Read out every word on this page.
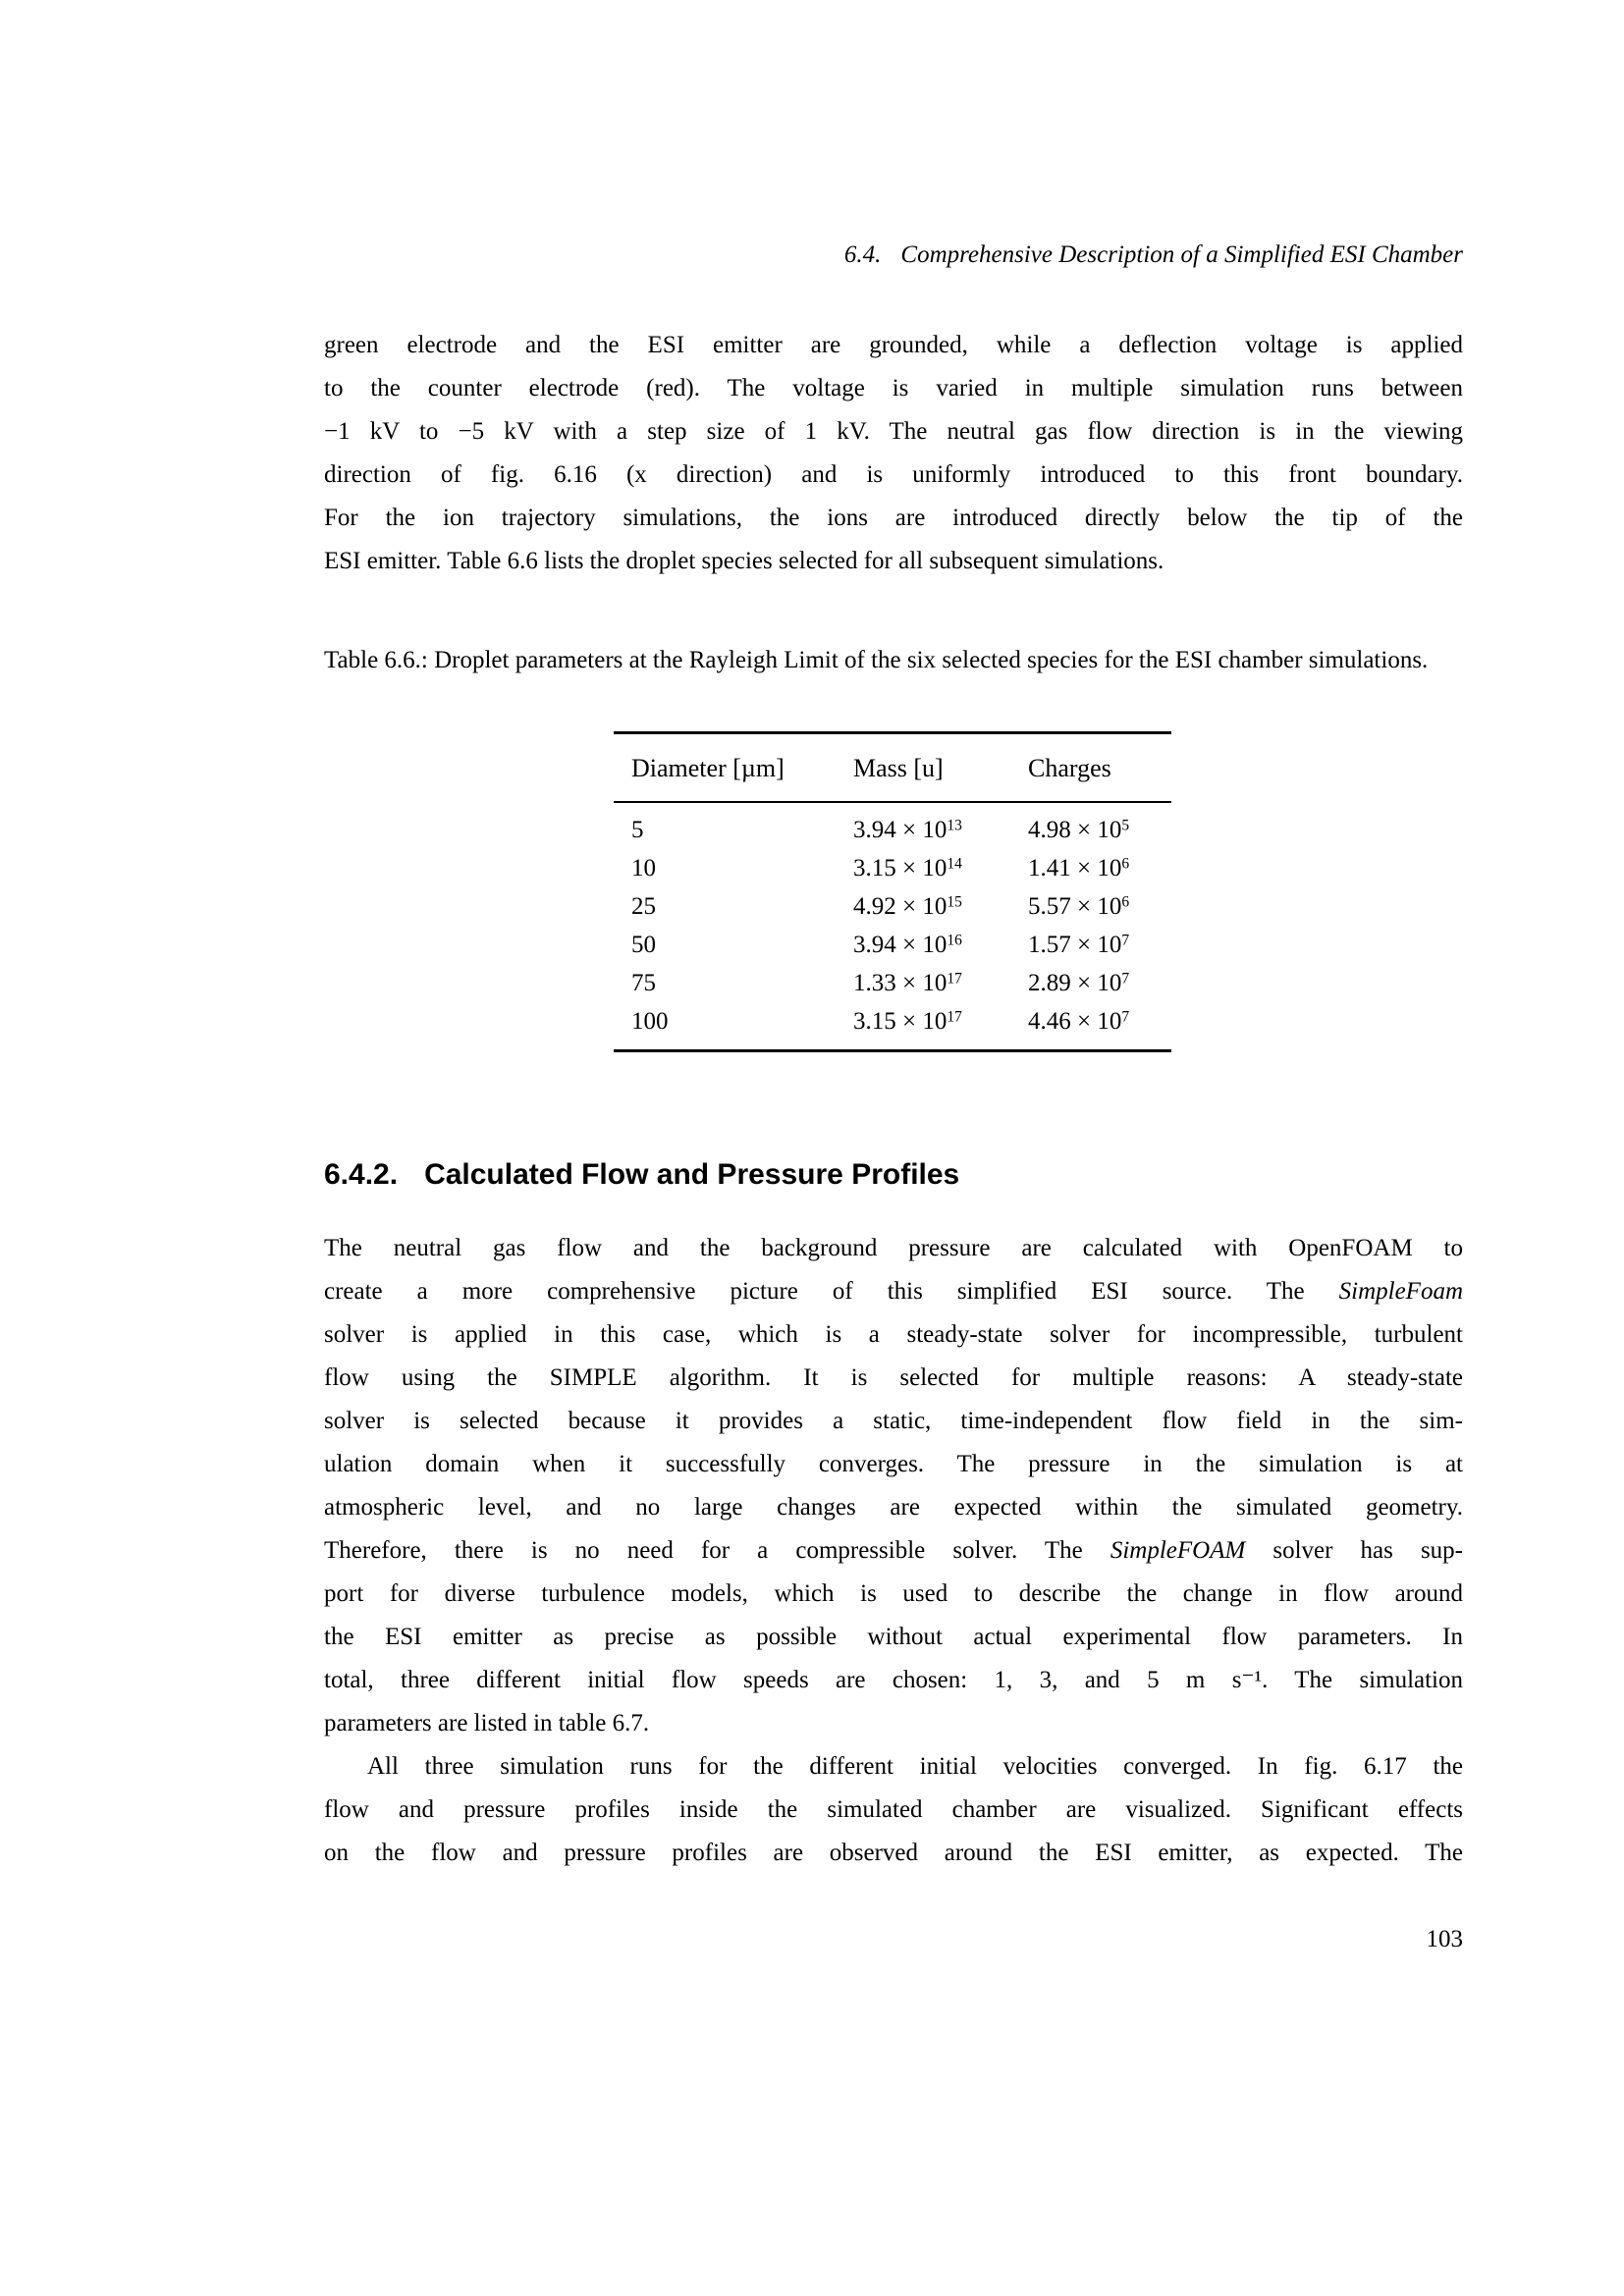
6.4. Comprehensive Description of a Simplified ESI Chamber
green electrode and the ESI emitter are grounded, while a deflection voltage is applied
to the counter electrode (red). The voltage is varied in multiple simulation runs between
−1 kV to −5 kV with a step size of 1 kV. The neutral gas flow direction is in the viewing
direction of fig. 6.16 (x direction) and is uniformly introduced to this front boundary.
For the ion trajectory simulations, the ions are introduced directly below the tip of the
ESI emitter. Table 6.6 lists the droplet species selected for all subsequent simulations.
Table 6.6.: Droplet parameters at the Rayleigh Limit of the six selected species for the ESI chamber simulations.
Diameter [µm]	Mass [u]	Charges
5	$3.94 \times 10^{13}$	$4.98 \times 10^5$
10	$3.15 \times 10^{14}$	$1.41 \times 10^6$
25	$4.92 \times 10^{15}$	$5.57 \times 10^6$
50	$3.94 \times 10^{16}$	$1.57 \times 10^7$
75	$1.33 \times 10^{17}$	$2.89 \times 10^7$
100	$3.15 \times 10^{17}$	$4.46 \times 10^7$
6.4.2. Calculated Flow and Pressure Profiles
The neutral gas flow and the background pressure are calculated with OpenFOAM to
create a more comprehensive picture of this simplified ESI source. The SimpleFoam
solver is applied in this case, which is a steady-state solver for incompressible, turbulent
flow using the SIMPLE algorithm. It is selected for multiple reasons: A steady-state
solver is selected because it provides a static, time-independent flow field in the sim-
ulation domain when it successfully converges. The pressure in the simulation is at
atmospheric level, and no large changes are expected within the simulated geometry.
Therefore, there is no need for a compressible solver. The SimpleFOAM solver has sup-
port for diverse turbulence models, which is used to describe the change in flow around
the ESI emitter as precise as possible without actual experimental flow parameters. In
total, three different initial flow speeds are chosen: 1, 3, and 5 m s⁻¹. The simulation
parameters are listed in table 6.7.
All three simulation runs for the different initial velocities converged. In fig. 6.17 the
flow and pressure profiles inside the simulated chamber are visualized. Significant effects
on the flow and pressure profiles are observed around the ESI emitter, as expected. The
103
